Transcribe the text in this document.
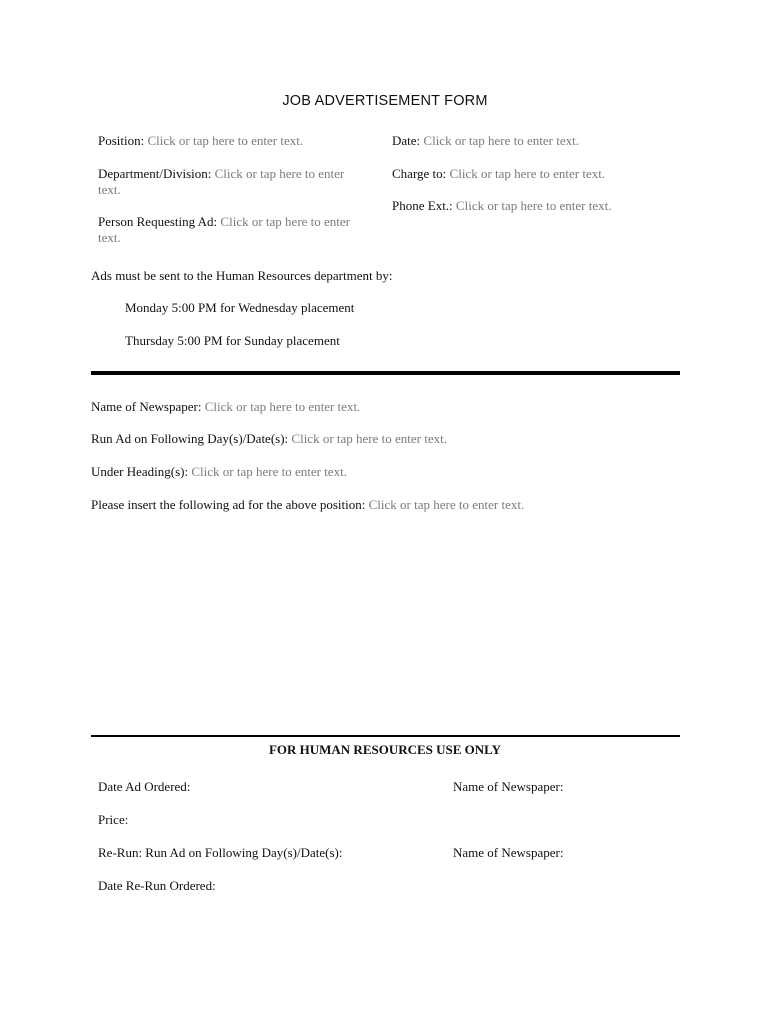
JOB ADVERTISEMENT FORM
Position: Click or tap here to enter text.
Department/Division: Click or tap here to enter
text.
Person Requesting Ad: Click or tap here to enter
text.
Date: Click or tap here to enter text.
Charge to: Click or tap here to enter text.
Phone Ext.: Click or tap here to enter text.
Ads must be sent to the Human Resources department by:
Monday 5:00 PM for Wednesday placement
Thursday 5:00 PM for Sunday placement
Name of Newspaper: Click or tap here to enter text.
Run Ad on Following Day(s)/Date(s): Click or tap here to enter text.
Under Heading(s): Click or tap here to enter text.
Please insert the following ad for the above position: Click or tap here to enter text.
FOR HUMAN RESOURCES USE ONLY
Date Ad Ordered:	Name of Newspaper:
Price:
Re-Run: Run Ad on Following Day(s)/Date(s):	Name of Newspaper:
Date Re-Run Ordered:
